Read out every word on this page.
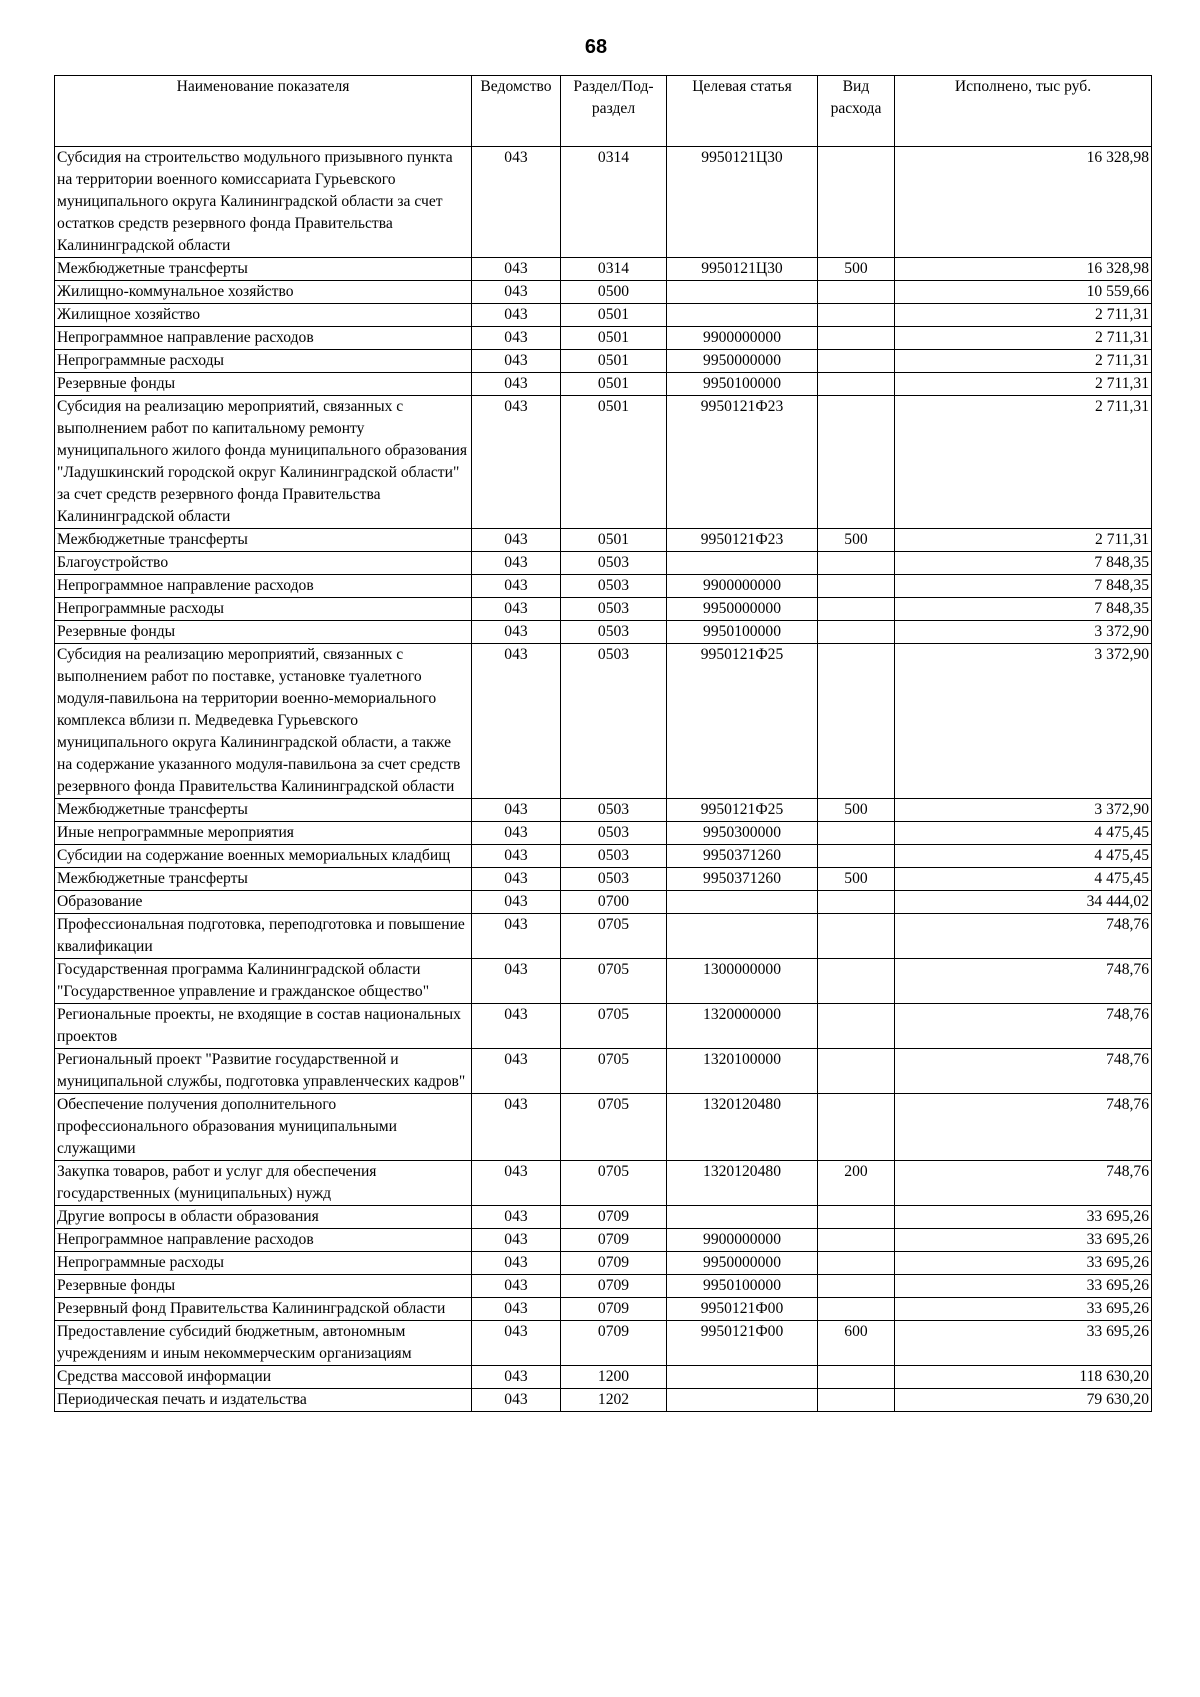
68
Наименование показателя	Ведомство	Раздел/Под-раздел	Целевая статья	Вид расхода	Исполнено, тыс руб.
Субсидия на строительство модульного призывного пункта на территории военного комиссариата Гурьевского муниципального округа Калининградской области за счет остатков средств резервного фонда Правительства Калининградской области	043	0314	9950121Ц30		16 328,98
Межбюджетные трансферты	043	0314	9950121Ц30	500	16 328,98
Жилищно-коммунальное хозяйство	043	0500			10 559,66
Жилищное хозяйство	043	0501			2 711,31
Непрограммное направление расходов	043	0501	9900000000		2 711,31
Непрограммные расходы	043	0501	9950000000		2 711,31
Резервные фонды	043	0501	9950100000		2 711,31
Субсидия на реализацию мероприятий, связанных с выполнением работ по капитальному ремонту муниципального жилого фонда муниципального образования "Ладушкинский городской округ Калининградской области" за счет средств резервного фонда Правительства Калининградской области	043	0501	9950121Ф23		2 711,31
Межбюджетные трансферты	043	0501	9950121Ф23	500	2 711,31
Благоустройство	043	0503			7 848,35
Непрограммное направление расходов	043	0503	9900000000		7 848,35
Непрограммные расходы	043	0503	9950000000		7 848,35
Резервные фонды	043	0503	9950100000		3 372,90
Субсидия на реализацию мероприятий, связанных с выполнением работ по поставке, установке туалетного модуля-павильона на территории военно-мемориального комплекса вблизи п. Медведевка Гурьевского муниципального округа Калининградской области, а также на содержание указанного модуля-павильона за счет средств резервного фонда Правительства Калининградской области	043	0503	9950121Ф25		3 372,90
Межбюджетные трансферты	043	0503	9950121Ф25	500	3 372,90
Иные непрограммные мероприятия	043	0503	9950300000		4 475,45
Субсидии на содержание военных мемориальных кладбищ	043	0503	9950371260		4 475,45
Межбюджетные трансферты	043	0503	9950371260	500	4 475,45
Образование	043	0700			34 444,02
Профессиональная подготовка, переподготовка и повышение квалификации	043	0705			748,76
Государственная программа Калининградской области "Государственное управление и гражданское общество"	043	0705	1300000000		748,76
Региональные проекты, не входящие в состав национальных проектов	043	0705	1320000000		748,76
Региональный проект "Развитие государственной и муниципальной службы, подготовка управленческих кадров"	043	0705	1320100000		748,76
Обеспечение получения дополнительного профессионального образования муниципальными служащими	043	0705	1320120480		748,76
Закупка товаров, работ и услуг для обеспечения государственных (муниципальных) нужд	043	0705	1320120480	200	748,76
Другие вопросы в области образования	043	0709			33 695,26
Непрограммное направление расходов	043	0709	9900000000		33 695,26
Непрограммные расходы	043	0709	9950000000		33 695,26
Резервные фонды	043	0709	9950100000		33 695,26
Резервный фонд Правительства Калининградской области	043	0709	9950121Ф00		33 695,26
Предоставление субсидий бюджетным, автономным учреждениям и иным некоммерческим организациям	043	0709	9950121Ф00	600	33 695,26
Средства массовой информации	043	1200			118 630,20
Периодическая печать и издательства	043	1202			79 630,20
